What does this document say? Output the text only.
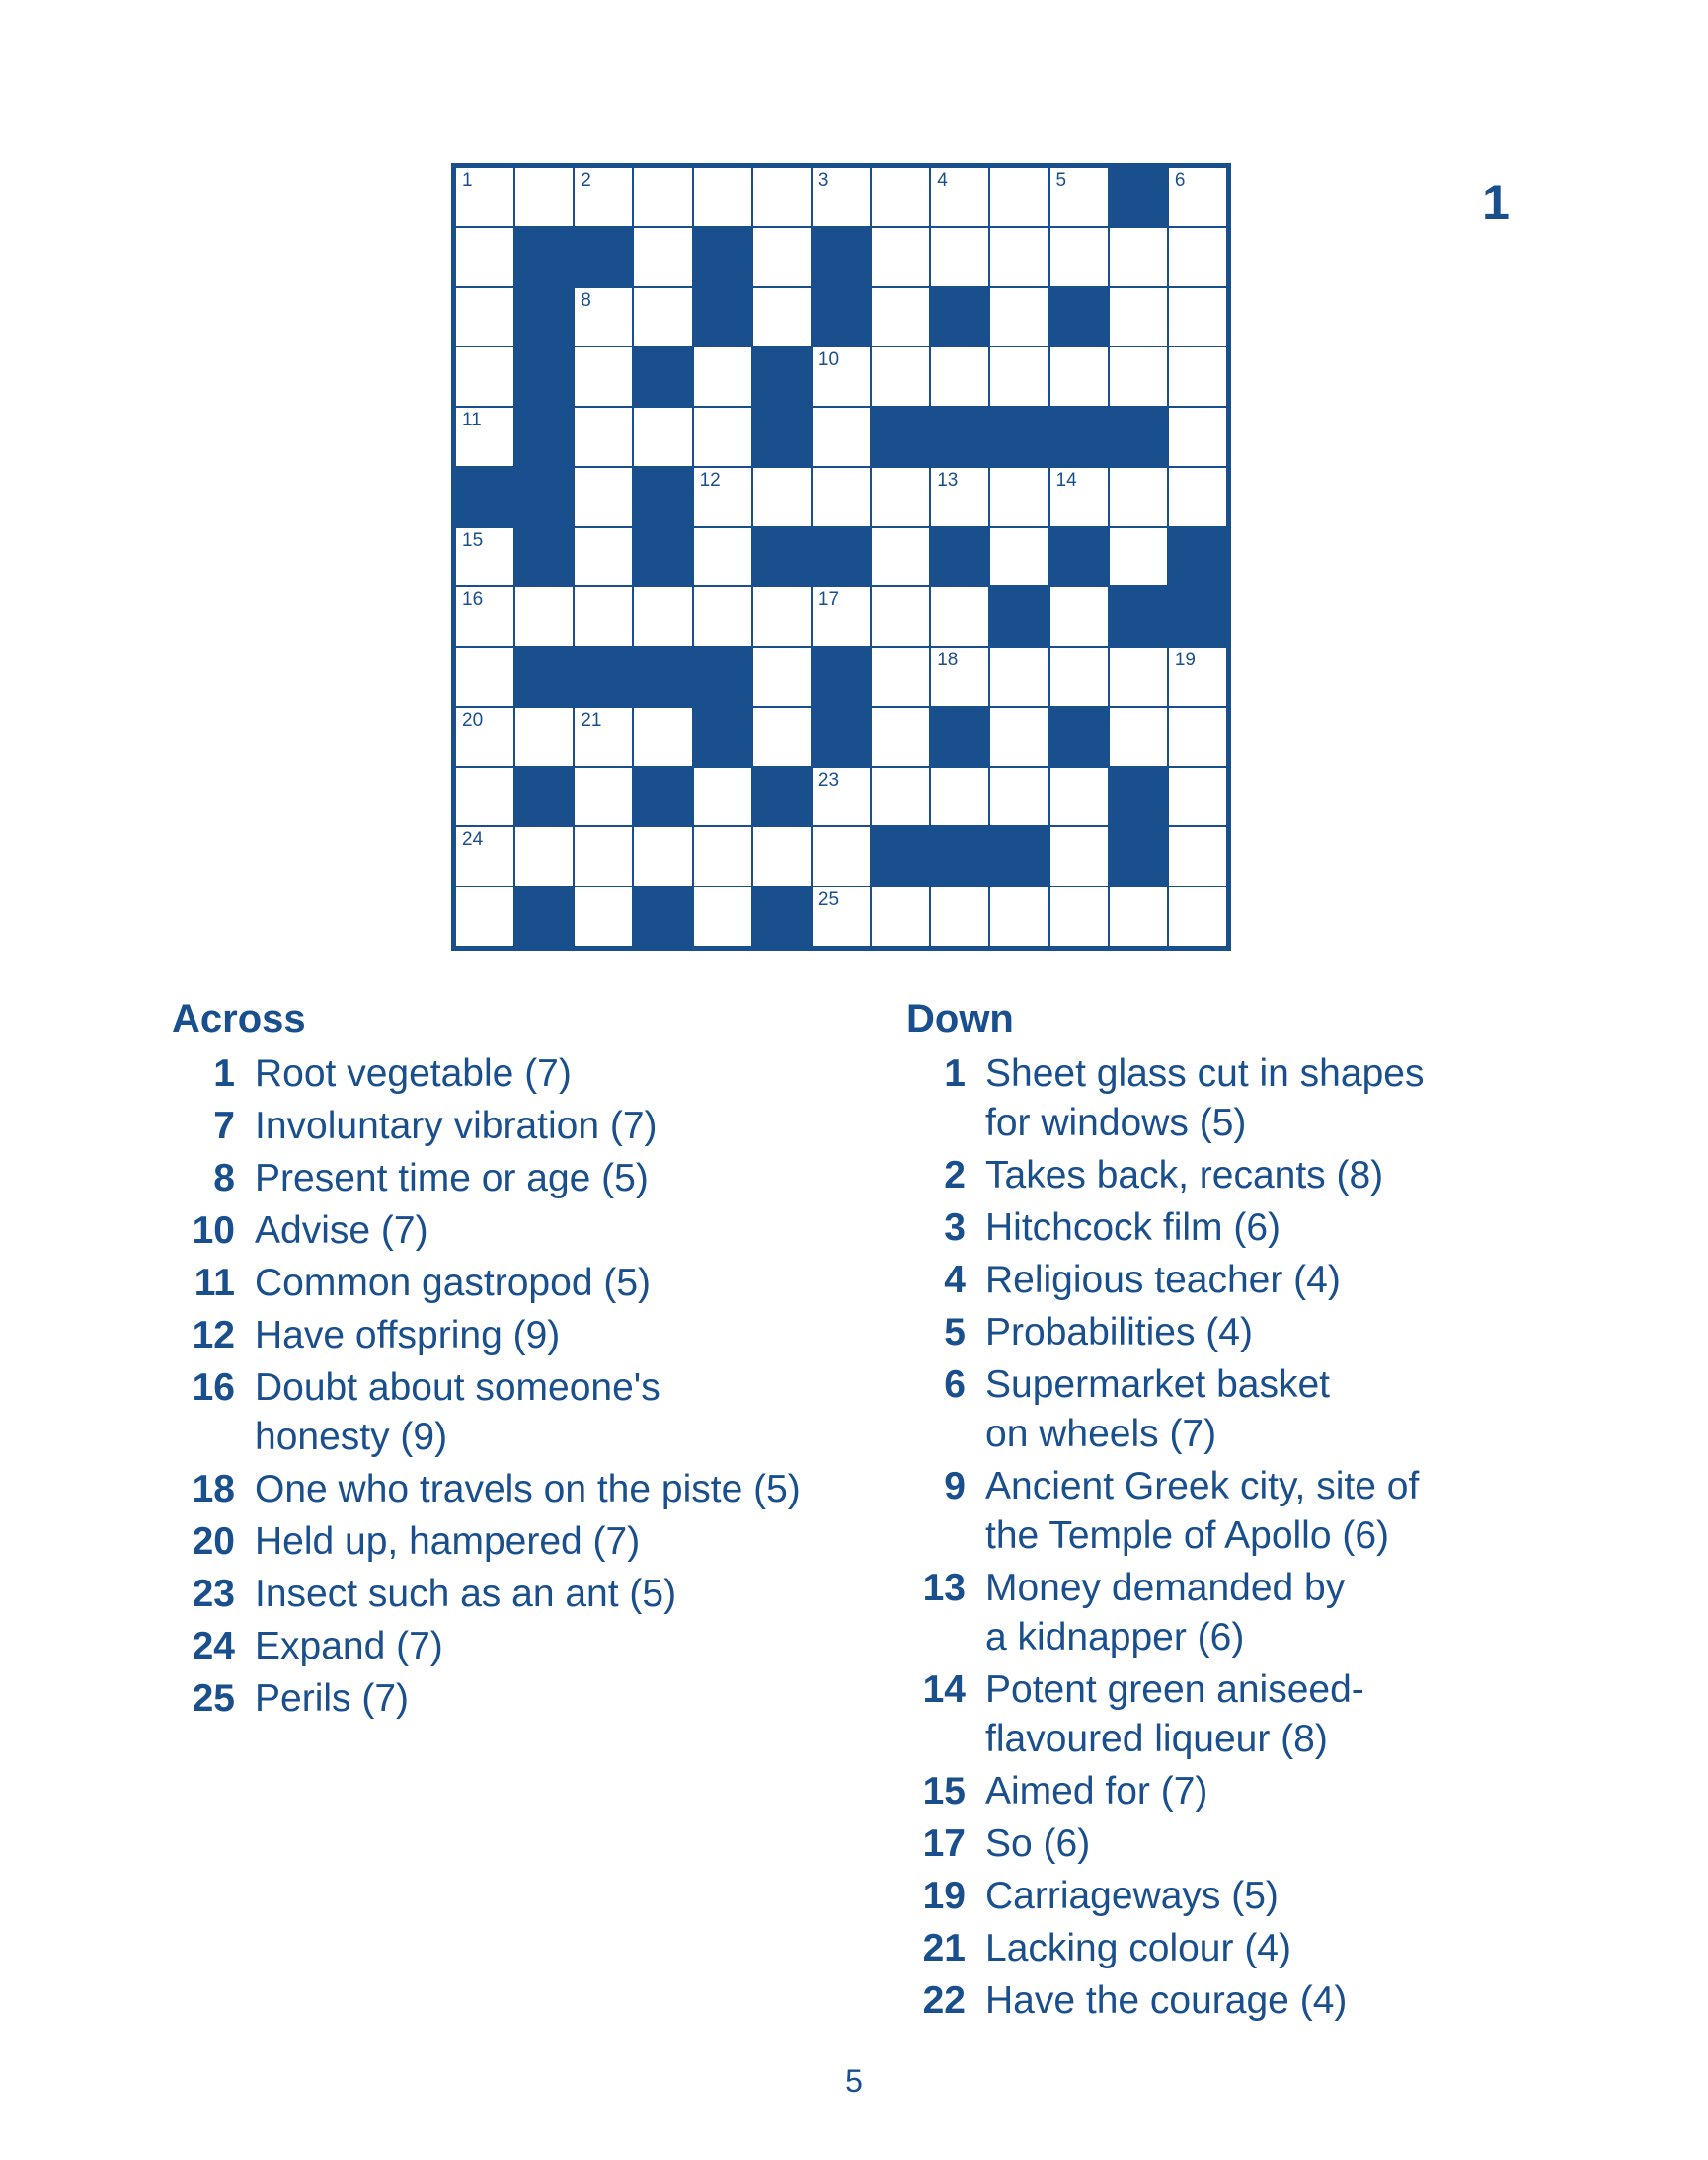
1
1	2	3	4	5	6
8
10
11
12	13	14
15
16	17
18	19
20	21
23
24
25
Across
1 Root vegetable (7)
7 Involuntary vibration (7)
8 Present time or age (5)
10 Advise (7)
11 Common gastropod (5)
12 Have offspring (9)
16 Doubt about someone's
honesty (9)
18 One who travels on the piste (5)
20 Held up, hampered (7)
23 Insect such as an ant (5)
24 Expand (7)
25 Perils (7)
Down
1 Sheet glass cut in shapes
for windows (5)
2 Takes back, recants (8)
3 Hitchcock film (6)
4 Religious teacher (4)
5 Probabilities (4)
6 Supermarket basket
on wheels (7)
9 Ancient Greek city, site of
the Temple of Apollo (6)
13 Money demanded by
a kidnapper (6)
14 Potent green aniseed-
flavoured liqueur (8)
15 Aimed for (7)
17 So (6)
19 Carriageways (5)
21 Lacking colour (4)
22 Have the courage (4)
5
